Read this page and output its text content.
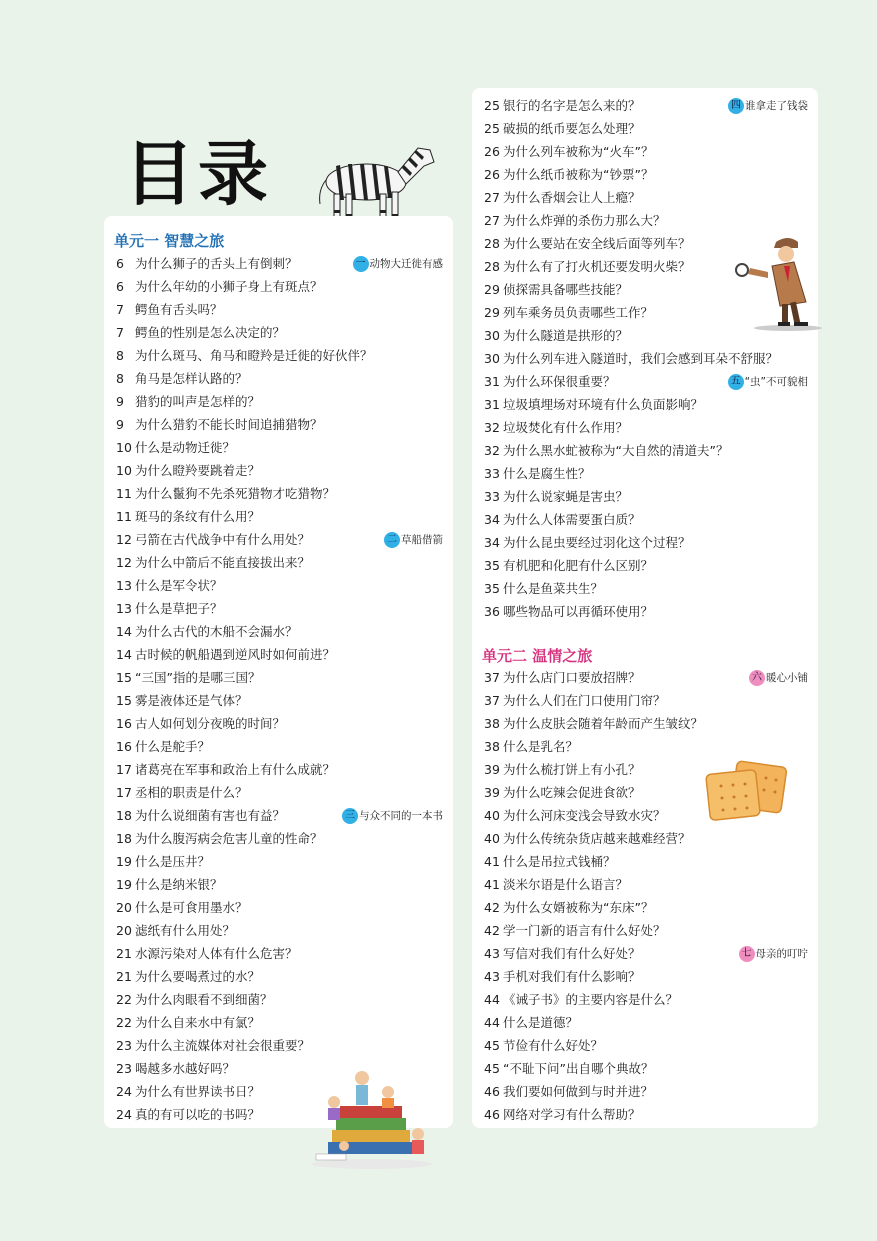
目录
单元一 智慧之旅
6 为什么狮子的舌头上有倒刺？	一 动物大迁徙有感
6 为什么年幼的小狮子身上有斑点？
7 鳄鱼有舌头吗？
7 鳄鱼的性别是怎么决定的？
8 为什么斑马、角马和瞪羚是迁徙的好伙伴？
8 角马是怎样认路的？
9 猎豹的叫声是怎样的？
9 为什么猎豹不能长时间追捕猎物？
10 什么是动物迁徙？
10 为什么瞪羚要跳着走？
11 为什么鬣狗不先杀死猎物才吃猎物？
11 斑马的条纹有什么用？
12 弓箭在古代战争中有什么用处？	二 草船借箭
12 为什么中箭后不能直接拔出来？
13 什么是军令状？
13 什么是草把子？
14 为什么古代的木船不会漏水？
14 古时候的帆船遇到逆风时如何前进？
15 “三国”指的是哪三国？
15 雾是液体还是气体？
16 古人如何划分夜晚的时间？
16 什么是舵手？
17 诸葛亮在军事和政治上有什么成就？
17 丞相的职责是什么？
18 为什么说细菌有害也有益？	三 与众不同的一本书
18 为什么腹泻病会危害儿童的性命？
19 什么是压井？
19 什么是纳米银？
20 什么是可食用墨水？
20 滤纸有什么用处？
21 水源污染对人体有什么危害？
21 为什么要喝煮过的水？
22 为什么肉眼看不到细菌？
22 为什么自来水中有氯？
23 为什么主流媒体对社会很重要？
23 喝越多水越好吗？
24 为什么有世界读书日？
24 真的有可以吃的书吗？
25 银行的名字是怎么来的？	四 谁拿走了钱袋
25 破损的纸币要怎么处理？
26 为什么列车被称为“火车”？
26 为什么纸币被称为“钞票”？
27 为什么香烟会让人上瘾？
27 为什么炸弹的杀伤力那么大？
28 为什么要站在安全线后面等列车？
28 为什么有了打火机还要发明火柴？
29 侦探需具备哪些技能？
29 列车乘务员负责哪些工作？
30 为什么隧道是拱形的？
30 为什么列车进入隧道时，我们会感到耳朵不舒服？
31 为什么环保很重要？	五 “虫”不可貌相
31 垃圾填埋场对环境有什么负面影响？
32 垃圾焚化有什么作用？
32 为什么黑水虻被称为“大自然的清道夫”？
33 什么是腐生性？
33 为什么说家蝇是害虫？
34 为什么人体需要蛋白质？
34 为什么昆虫要经过羽化这个过程？
35 有机肥和化肥有什么区别？
35 什么是鱼菜共生？
36 哪些物品可以再循环使用？
单元二 温情之旅
37 为什么店门口要放招牌？	六 暖心小铺
37 为什么人们在门口使用门帘？
38 为什么皮肤会随着年龄而产生皱纹？
38 什么是乳名？
39 为什么梳打饼上有小孔？
39 为什么吃辣会促进食欲？
40 为什么河床变浅会导致水灾？
40 为什么传统杂货店越来越难经营？
41 什么是吊拉式钱桶？
41 淡米尔语是什么语言？
42 为什么女婿被称为“东床”？
42 学一门新的语言有什么好处？
43 写信对我们有什么好处？	七 母亲的叮咛
43 手机对我们有什么影响？
44 《诫子书》的主要内容是什么？
44 什么是道德？
45 节俭有什么好处？
45 “不耻下问”出自哪个典故？
46 我们要如何做到与时并进？
46 网络对学习有什么帮助？
